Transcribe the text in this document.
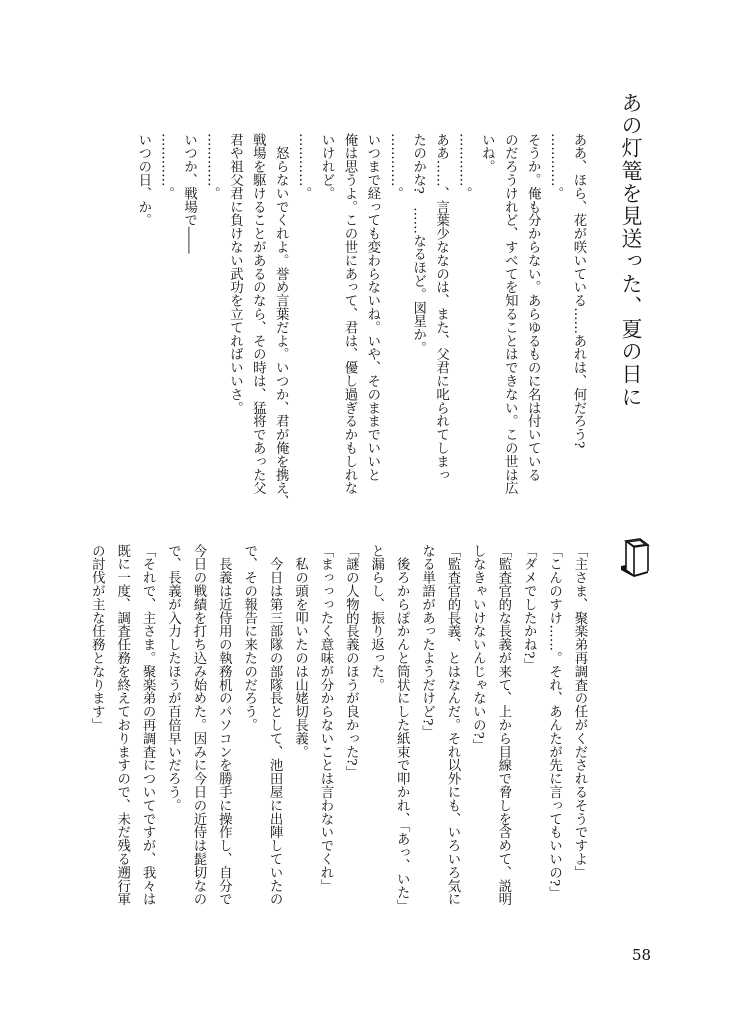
あの灯篭を見送った、夏の日に
ああ、ほら、花が咲いている……あれは、何だろう?
…………。
そうか。俺も分からない。あらゆるものに名は付いている
のだろうけれど、すべてを知ることはできない。この世は広
いね。
…………。
ああ……、言葉少ななのは、また、父君に叱られてしまっ
たのかな?　……なるほど。図星か。
…………。
いつまで経っても変わらないね。いや、そのままでいいと
俺は思うよ。この世にあって、君は、優し過ぎるかもしれな
いけれど。
…………。
　怒らないでくれよ。誉め言葉だよ。いつか、君が俺を携え、
戦場を駆けることがあるのなら、その時は、猛将であった父
君や祖父君に負けない武功を立てればいいさ。
…………。
いつか、戦場で――
…………。
いつの日、か。
「主さま、聚楽弟再調査の任がくだされるそうですよ」
「こんのすけ……。それ、あんたが先に言ってもいいの?」
「ダメでしたかね?」
「監査官的な長義が来て、上から目線で脅しを含めて、説明
しなきゃいけないんじゃないの?」
「監査官的長義、とはなんだ。それ以外にも、いろいろ気に
なる単語があったようだけど?」
　後ろからぽかんと筒状にした紙束で叩かれ、「あっ、いた」
と漏らし、振り返った。
「謎の人物的長義のほうが良かった?」
「まっっったく意味が分からないことは言わないでくれ」
　私の頭を叩いたのは山姥切長義。
　今日は第三部隊の部隊長として、池田屋に出陣していたの
で、その報告に来たのだろう。
　長義は近侍用の執務机のパソコンを勝手に操作し、自分で
今日の戦績を打ち込み始めた。因みに今日の近侍は髭切なの
で、長義が入力したほうが百倍早いだろう。
「それで、主さま。聚楽弟の再調査についてですが、我々は
既に一度、調査任務を終えておりますので、未だ残る遡行軍
の討伐が主な任務となります」
58
